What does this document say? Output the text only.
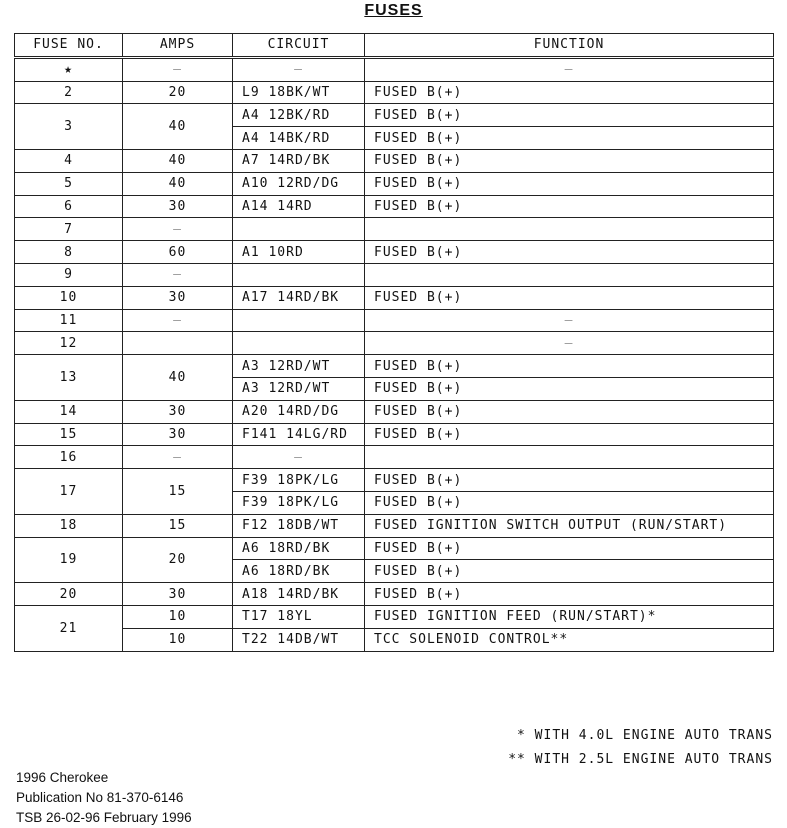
FUSES
FUSE NO.	AMPS	CIRCUIT	FUNCTION
★	–	–	–
2	20	L9 18BK/WT	FUSED B(+)
3	40	A4 12BK/RD	FUSED B(+)
		A4 14BK/RD	FUSED B(+)
4	40	A7 14RD/BK	FUSED B(+)
5	40	A10 12RD/DG	FUSED B(+)
6	30	A14 14RD	FUSED B(+)
7	–		
8	60	A1 10RD	FUSED B(+)
9	–		
10	30	A17 14RD/BK	FUSED B(+)
11	–		–
12			–
13	40	A3 12RD/WT	FUSED B(+)
		A3 12RD/WT	FUSED B(+)
14	30	A20 14RD/DG	FUSED B(+)
15	30	F141 14LG/RD	FUSED B(+)
16	–	–	
17	15	F39 18PK/LG	FUSED B(+)
		F39 18PK/LG	FUSED B(+)
18	15	F12 18DB/WT	FUSED IGNITION SWITCH OUTPUT (RUN/START)
19	20	A6 18RD/BK	FUSED B(+)
		A6 18RD/BK	FUSED B(+)
20	30	A18 14RD/BK	FUSED B(+)
21	10	T17 18YL	FUSED IGNITION FEED (RUN/START)*
	10	T22 14DB/WT	TCC SOLENOID CONTROL**
* WITH 4.0L ENGINE AUTO TRANS
** WITH 2.5L ENGINE AUTO TRANS
1996 Cherokee
Publication No 81-370-6146
TSB 26-02-96 February 1996
